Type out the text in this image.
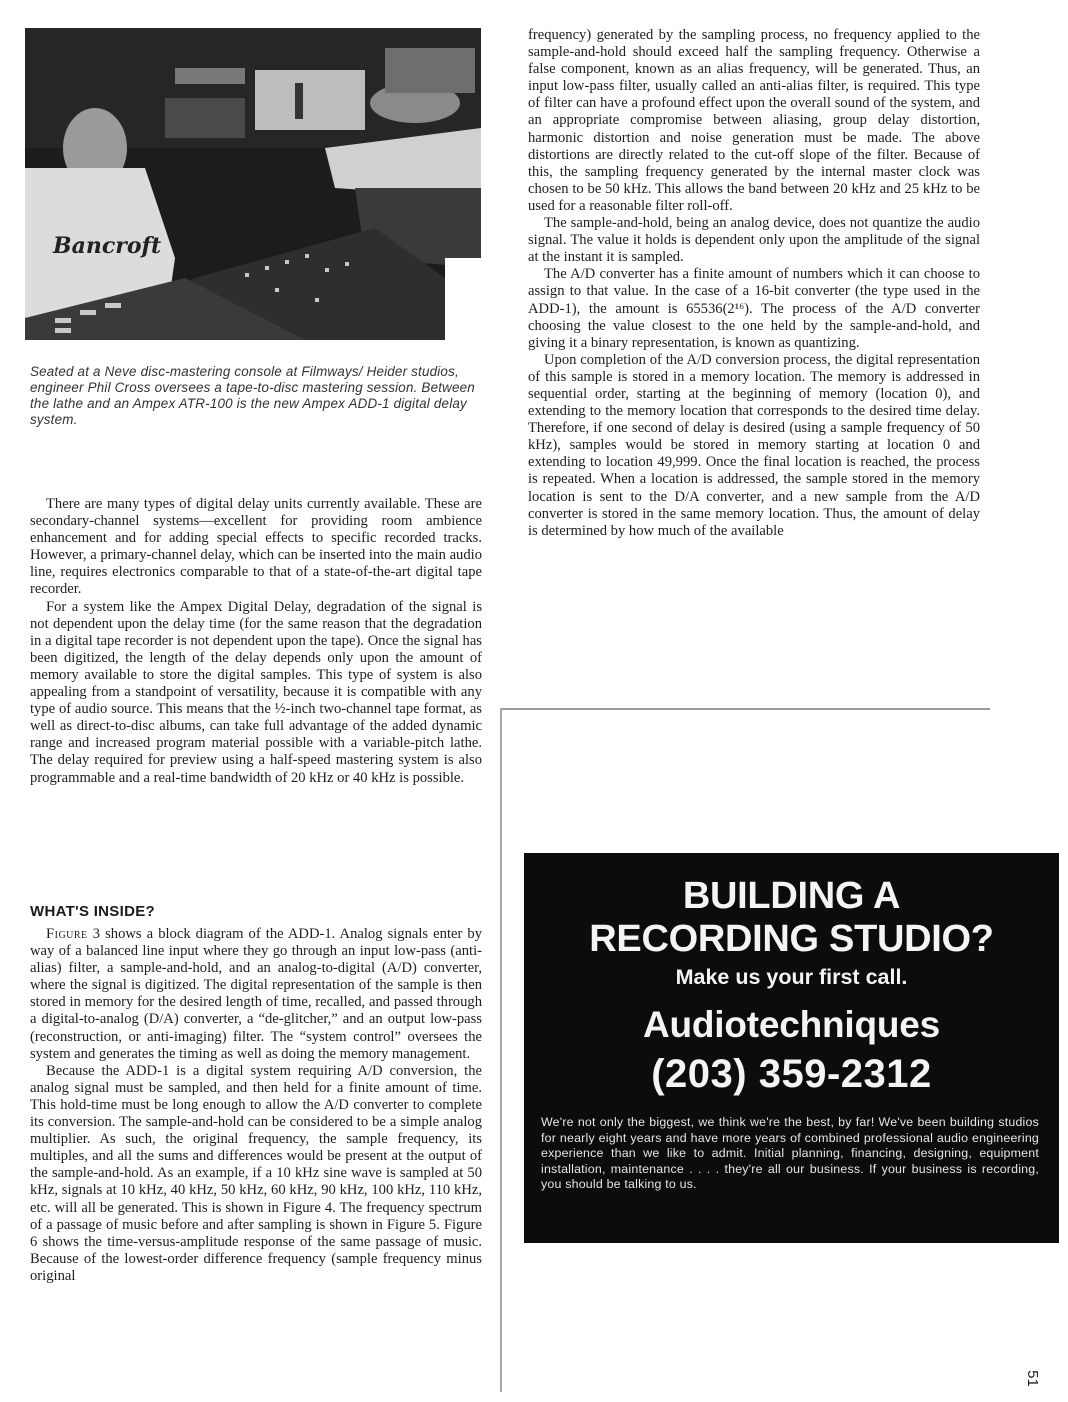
Bancroft
Seated at a Neve disc-mastering console at Filmways/ Heider studios, engineer Phil Cross oversees a tape-to-disc mastering session. Between the lathe and an Ampex ATR-100 is the new Ampex ADD-1 digital delay system.

There are many types of digital delay units currently available. These are secondary-channel systems—excellent for providing room ambience enhancement and for adding special effects to specific recorded tracks. However, a primary-channel delay, which can be inserted into the main audio line, requires electronics comparable to that of a state-of-the-art digital tape recorder.

For a system like the Ampex Digital Delay, degradation of the signal is not dependent upon the delay time (for the same reason that the degradation in a digital tape recorder is not dependent upon the tape). Once the signal has been digitized, the length of the delay depends only upon the amount of memory available to store the digital samples. This type of system is also appealing from a standpoint of versatility, because it is compatible with any type of audio source. This means that the ½-inch two-channel tape format, as well as direct-to-disc albums, can take full advantage of the added dynamic range and increased program material possible with a variable-pitch lathe. The delay required for preview using a half-speed mastering system is also programmable and a real-time bandwidth of 20 kHz or 40 kHz is possible.

WHAT'S INSIDE?

Figure 3 shows a block diagram of the ADD-1. Analog signals enter by way of a balanced line input where they go through an input low-pass (anti-alias) filter, a sample-and-hold, and an analog-to-digital (A/D) converter, where the signal is digitized. The digital representation of the sample is then stored in memory for the desired length of time, recalled, and passed through a digital-to-analog (D/A) converter, a “de-glitcher,” and an output low-pass (reconstruction, or anti-imaging) filter. The “system control” oversees the system and generates the timing as well as doing the memory management.

Because the ADD-1 is a digital system requiring A/D conversion, the analog signal must be sampled, and then held for a finite amount of time. This hold-time must be long enough to allow the A/D converter to complete its conversion. The sample-and-hold can be considered to be a simple analog multiplier. As such, the original frequency, the sample frequency, its multiples, and all the sums and differences would be present at the output of the sample-and-hold. As an example, if a 10 kHz sine wave is sampled at 50 kHz, signals at 10 kHz, 40 kHz, 50 kHz, 60 kHz, 90 kHz, 100 kHz, 110 kHz, etc. will all be generated. This is shown in Figure 4. The frequency spectrum of a passage of music before and after sampling is shown in Figure 5. Figure 6 shows the time-versus-amplitude response of the same passage of music. Because of the lowest-order difference frequency (sample frequency minus original

frequency) generated by the sampling process, no frequency applied to the sample-and-hold should exceed half the sampling frequency. Otherwise a false component, known as an alias frequency, will be generated. Thus, an input low-pass filter, usually called an anti-alias filter, is required. This type of filter can have a profound effect upon the overall sound of the system, and an appropriate compromise between aliasing, group delay distortion, harmonic distortion and noise generation must be made. The above distortions are directly related to the cut-off slope of the filter. Because of this, the sampling frequency generated by the internal master clock was chosen to be 50 kHz. This allows the band between 20 kHz and 25 kHz to be used for a reasonable filter roll-off.

The sample-and-hold, being an analog device, does not quantize the audio signal. The value it holds is dependent only upon the amplitude of the signal at the instant it is sampled.

The A/D converter has a finite amount of numbers which it can choose to assign to that value. In the case of a 16-bit converter (the type used in the ADD-1), the amount is 65536(2¹⁶). The process of the A/D converter choosing the value closest to the one held by the sample-and-hold, and giving it a binary representation, is known as quantizing.

Upon completion of the A/D conversion process, the digital representation of this sample is stored in a memory location. The memory is addressed in sequential order, starting at the beginning of memory (location 0), and extending to the memory location that corresponds to the desired time delay. Therefore, if one second of delay is desired (using a sample frequency of 50 kHz), samples would be stored in memory starting at location 0 and extending to location 49,999. Once the final location is reached, the process is repeated. When a location is addressed, the sample stored in the memory location is sent to the D/A converter, and a new sample from the A/D converter is stored in the same memory location. Thus, the amount of delay is determined by how much of the available

BUILDING A
RECORDING STUDIO?
Make us your first call.
Audiotechniques
(203) 359-2312
We're not only the biggest, we think we're the best, by far! We've been building studios for nearly eight years and have more years of combined professional audio engineering experience than we like to admit. Initial planning, financing, designing, equipment installation, maintenance . . . . they're all our business. If your business is recording, you should be talking to us.
51
